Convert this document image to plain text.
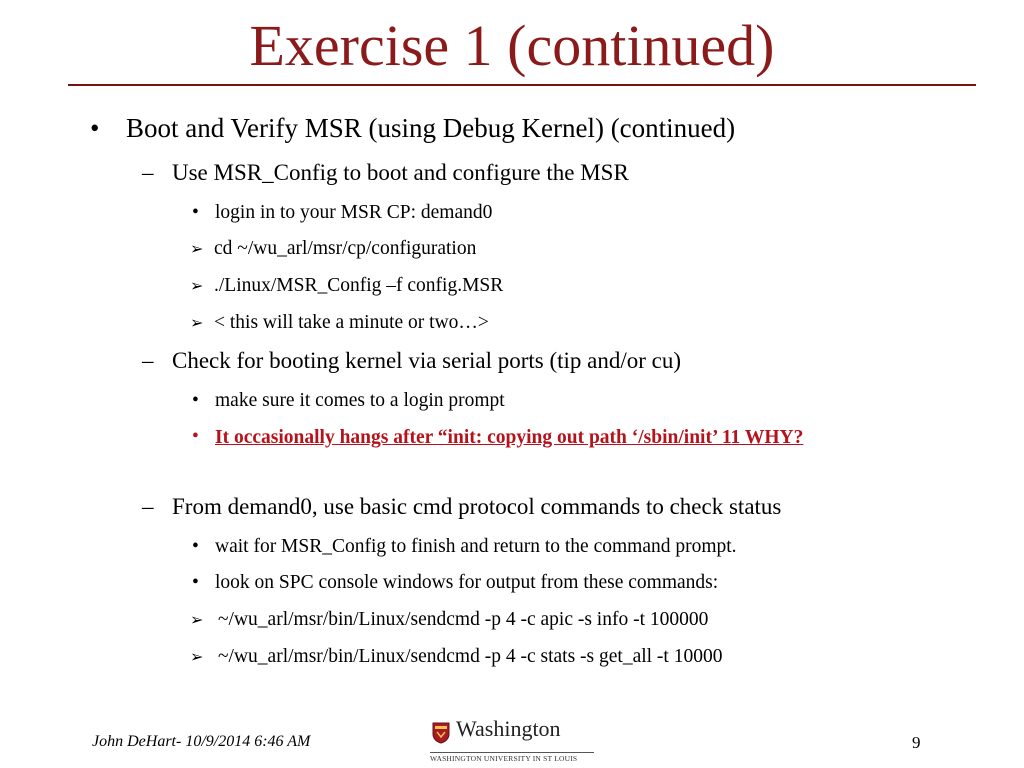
Exercise 1 (continued)
• Boot and Verify MSR (using Debug Kernel) (continued)
– Use MSR_Config to boot and configure the MSR
• login in to your MSR CP: demand0
➢ cd ~/wu_arl/msr/cp/configuration
➢ ./Linux/MSR_Config –f config.MSR
➢ < this will take a minute or two…>
– Check for booting kernel via serial ports (tip and/or cu)
• make sure it comes to a login prompt
• It occasionally hangs after “init: copying out path ‘/sbin/init’ 11 WHY?
– From demand0, use basic cmd protocol commands to check status
• wait for MSR_Config to finish and return to the command prompt.
• look on SPC console windows for output from these commands:
➢ ~/wu_arl/msr/bin/Linux/sendcmd -p 4 -c apic -s info -t 100000
➢ ~/wu_arl/msr/bin/Linux/sendcmd -p 4 -c stats -s get_all -t 10000
John DeHart- 10/9/2014 6:46 AM
Washington
WASHINGTON UNIVERSITY IN ST LOUIS
9
